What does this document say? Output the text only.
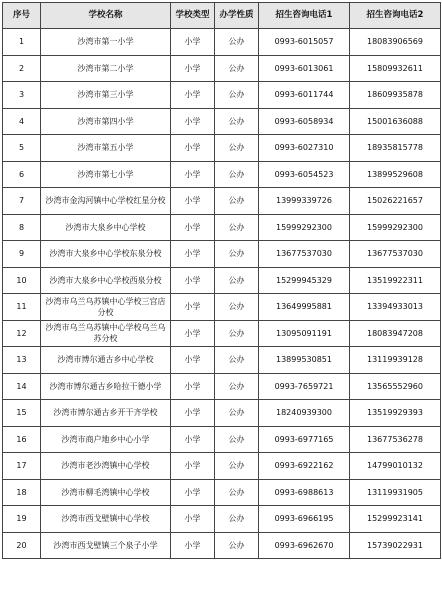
序号	学校名称	学校类型	办学性质	招生咨询电话1	招生咨询电话2
1	沙湾市第一小学	小学	公办	0993-6015057	18083906569
2	沙湾市第二小学	小学	公办	0993-6013061	15809932611
3	沙湾市第三小学	小学	公办	0993-6011744	18609935878
4	沙湾市第四小学	小学	公办	0993-6058934	15001636088
5	沙湾市第五小学	小学	公办	0993-6027310	18935815778
6	沙湾市第七小学	小学	公办	0993-6054523	13899529608
7	沙湾市金沟河镇中心学校红星分校	小学	公办	13999339726	15026221657
8	沙湾市大泉乡中心学校	小学	公办	15999292300	15999292300
9	沙湾市大泉乡中心学校东泉分校	小学	公办	13677537030	13677537030
10	沙湾市大泉乡中心学校西泉分校	小学	公办	15299945329	13519922311
11	沙湾市乌兰乌苏镇中心学校三宫店分校	小学	公办	13649995881	13394933013
12	沙湾市乌兰乌苏镇中心学校乌兰乌苏分校	小学	公办	13095091191	18083947208
13	沙湾市博尔通古乡中心学校	小学	公办	13899530851	13119939128
14	沙湾市博尔通古乡哈拉干德小学	小学	公办	0993-7659721	13565552960
15	沙湾市博尔通古乡开干齐学校	小学	公办	18240939300	13519929393
16	沙湾市商户地乡中心小学	小学	公办	0993-6977165	13677536278
17	沙湾市老沙湾镇中心学校	小学	公办	0993-6922162	14799010132
18	沙湾市柳毛湾镇中心学校	小学	公办	0993-6988613	13119931905
19	沙湾市西戈壁镇中心学校	小学	公办	0993-6966195	15299923141
20	沙湾市西戈壁镇三个泉子小学	小学	公办	0993-6962670	15739022931
